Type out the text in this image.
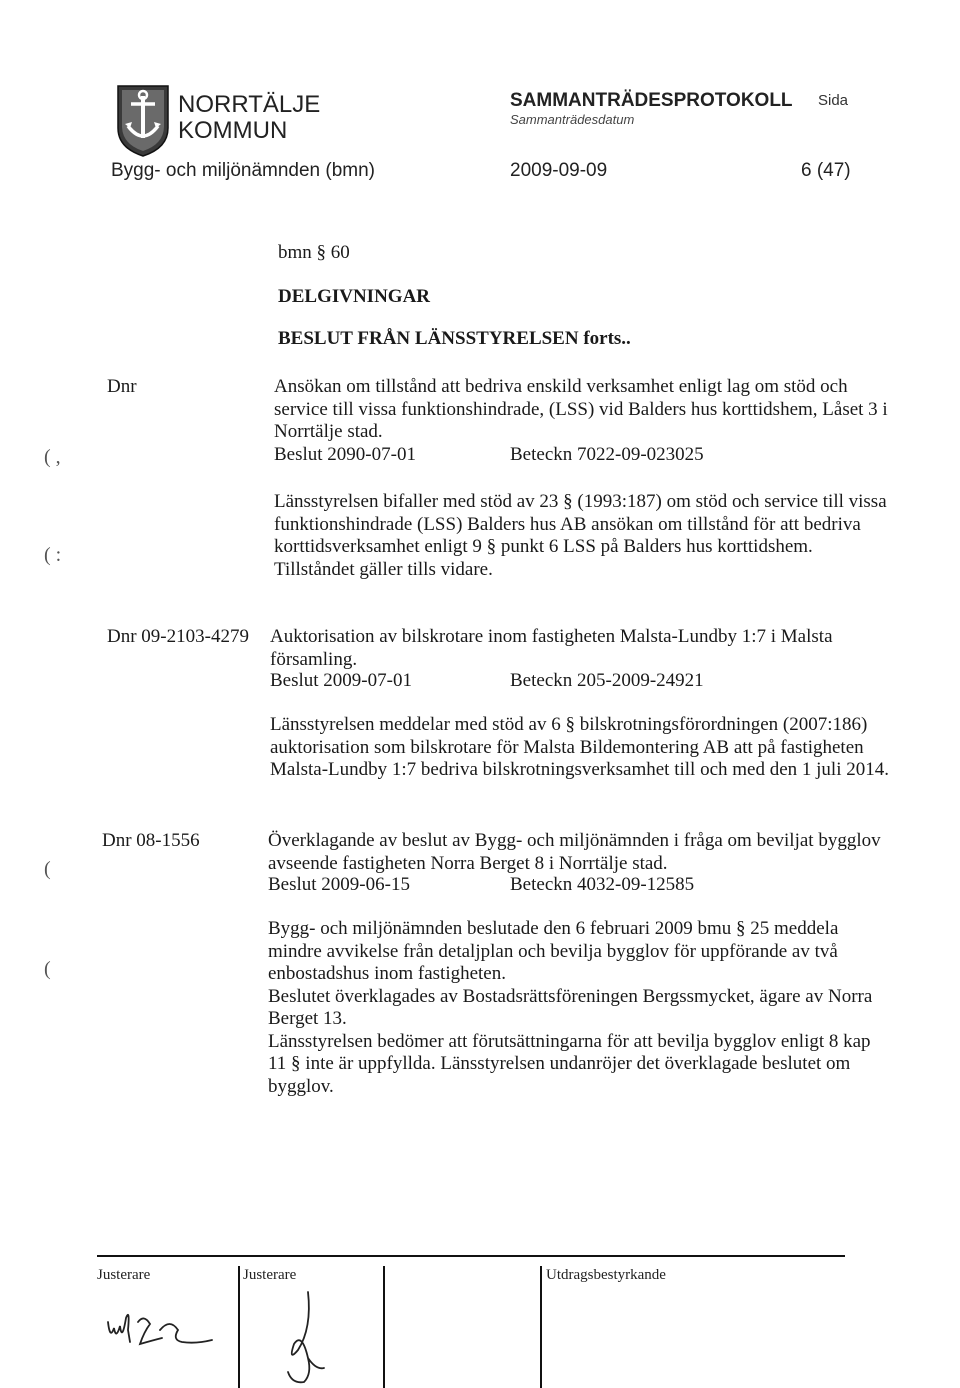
NORRTÄLJE
KOMMUN
SAMMANTRÄDESPROTOKOLL
Sammanträdesdatum
Sida
Bygg- och miljönämnden (bmn)	2009-09-09	6 (47)
bmn § 60
DELGIVNINGAR
BESLUT FRÅN LÄNSSTYRELSEN forts..
Dnr	Ansökan om tillstånd att bedriva enskild verksamhet enligt lag om stöd och
service till vissa funktionshindrade, (LSS) vid Balders hus korttidshem, Låset 3 i
Norrtälje stad.
Beslut 2090-07-01	Beteckn 7022-09-023025
Länsstyrelsen bifaller med stöd av 23 § (1993:187) om stöd och service till vissa
funktionshindrade (LSS) Balders hus AB ansökan om tillstånd för att bedriva
korttidsverksamhet enligt 9 § punkt 6 LSS på Balders hus korttidshem.
Tillståndet gäller tills vidare.
Dnr 09-2103-4279 Auktorisation av bilskrotare inom fastigheten Malsta-Lundby 1:7 i Malsta
församling.
Beslut 2009-07-01	Beteckn 205-2009-24921
Länsstyrelsen meddelar med stöd av 6 § bilskrotningsförordningen (2007:186)
auktorisation som bilskrotare för Malsta Bildemontering AB att på fastigheten
Malsta-Lundby 1:7 bedriva bilskrotningsverksamhet till och med den 1 juli 2014.
Dnr 08-1556	Överklagande av beslut av Bygg- och miljönämnden i fråga om beviljat bygglov
avseende fastigheten Norra Berget 8 i Norrtälje stad.
Beslut 2009-06-15	Beteckn 4032-09-12585
Bygg- och miljönämnden beslutade den 6 februari 2009 bmu § 25 meddela
mindre avvikelse från detaljplan och bevilja bygglov för uppförande av två
enbostadshus inom fastigheten.
Beslutet överklagades av Bostadsrättsföreningen Bergssmycket, ägare av Norra
Berget 13.
Länsstyrelsen bedömer att förutsättningarna för att bevilja bygglov enligt 8 kap
11 § inte är uppfyllda. Länsstyrelsen undanröjer det överklagade beslutet om
bygglov.
( ,
( :
(
(
Justerare	Justerare	Utdragsbestyrkande
